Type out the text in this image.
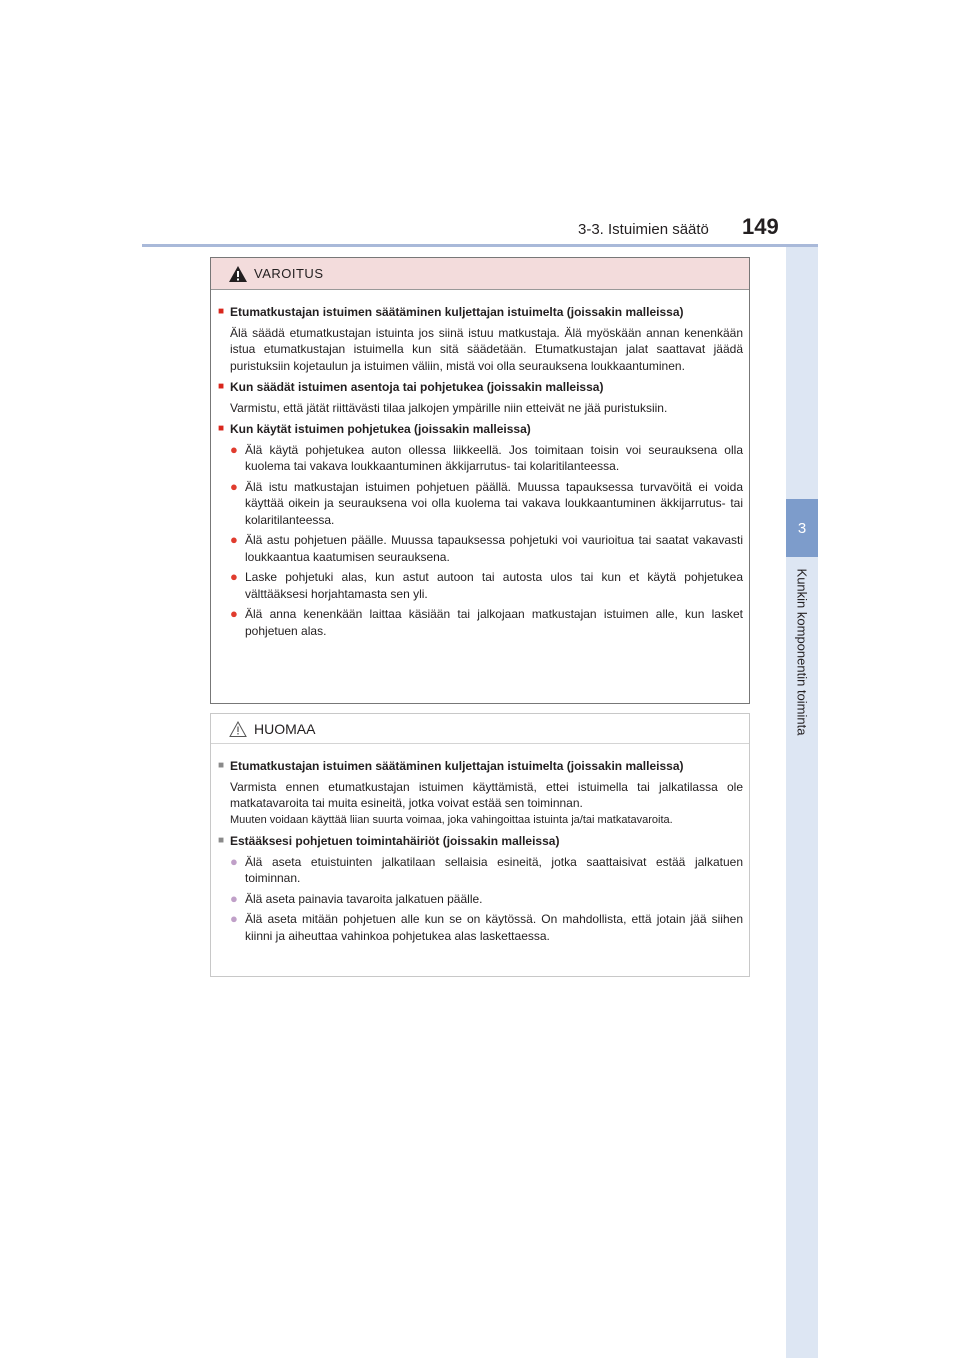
3-3. Istuimien säätö 149
3
Kunkin komponentin toiminta
VAROITUS
■ Etumatkustajan istuimen säätäminen kuljettajan istuimelta (joissakin malleissa)
Älä säädä etumatkustajan istuinta jos siinä istuu matkustaja. Älä myöskään annan kenenkään istua etumatkustajan istuimella kun sitä säädetään. Etumatkustajan jalat saattavat jäädä puristuksiin kojetaulun ja istuimen väliin, mistä voi olla seurauksena loukkaantuminen.
■ Kun säädät istuimen asentoja tai pohjetukea (joissakin malleissa)
Varmistu, että jätät riittävästi tilaa jalkojen ympärille niin etteivät ne jää puristuksiin.
■ Kun käytät istuimen pohjetukea (joissakin malleissa)
● Älä käytä pohjetukea auton ollessa liikkeellä. Jos toimitaan toisin voi seurauksena olla kuolema tai vakava loukkaantuminen äkkijarrutus- tai kolaritilanteessa.
● Älä istu matkustajan istuimen pohjetuen päällä. Muussa tapauksessa turvavöitä ei voida käyttää oikein ja seurauksena voi olla kuolema tai vakava loukkaantuminen äkkijarrutus- tai kolaritilanteessa.
● Älä astu pohjetuen päälle. Muussa tapauksessa pohjetuki voi vaurioitua tai saatat vakavasti loukkaantua kaatumisen seurauksena.
● Laske pohjetuki alas, kun astut autoon tai autosta ulos tai kun et käytä pohjetukea välttääksesi horjahtamasta sen yli.
● Älä anna kenenkään laittaa käsiään tai jalkojaan matkustajan istuimen alle, kun lasket pohjetuen alas.
HUOMAA
■ Etumatkustajan istuimen säätäminen kuljettajan istuimelta (joissakin malleissa)
Varmista ennen etumatkustajan istuimen käyttämistä, ettei istuimella tai jalkatilassa ole matkatavaroita tai muita esineitä, jotka voivat estää sen toiminnan.
Muuten voidaan käyttää liian suurta voimaa, joka vahingoittaa istuinta ja/tai matkatavaroita.
■ Estääksesi pohjetuen toimintahäiriöt (joissakin malleissa)
● Älä aseta etuistuinten jalkatilaan sellaisia esineitä, jotka saattaisivat estää jalkatuen toiminnan.
● Älä aseta painavia tavaroita jalkatuen päälle.
● Älä aseta mitään pohjetuen alle kun se on käytössä. On mahdollista, että jotain jää siihen kiinni ja aiheuttaa vahinkoa pohjetukea alas laskettaessa.
